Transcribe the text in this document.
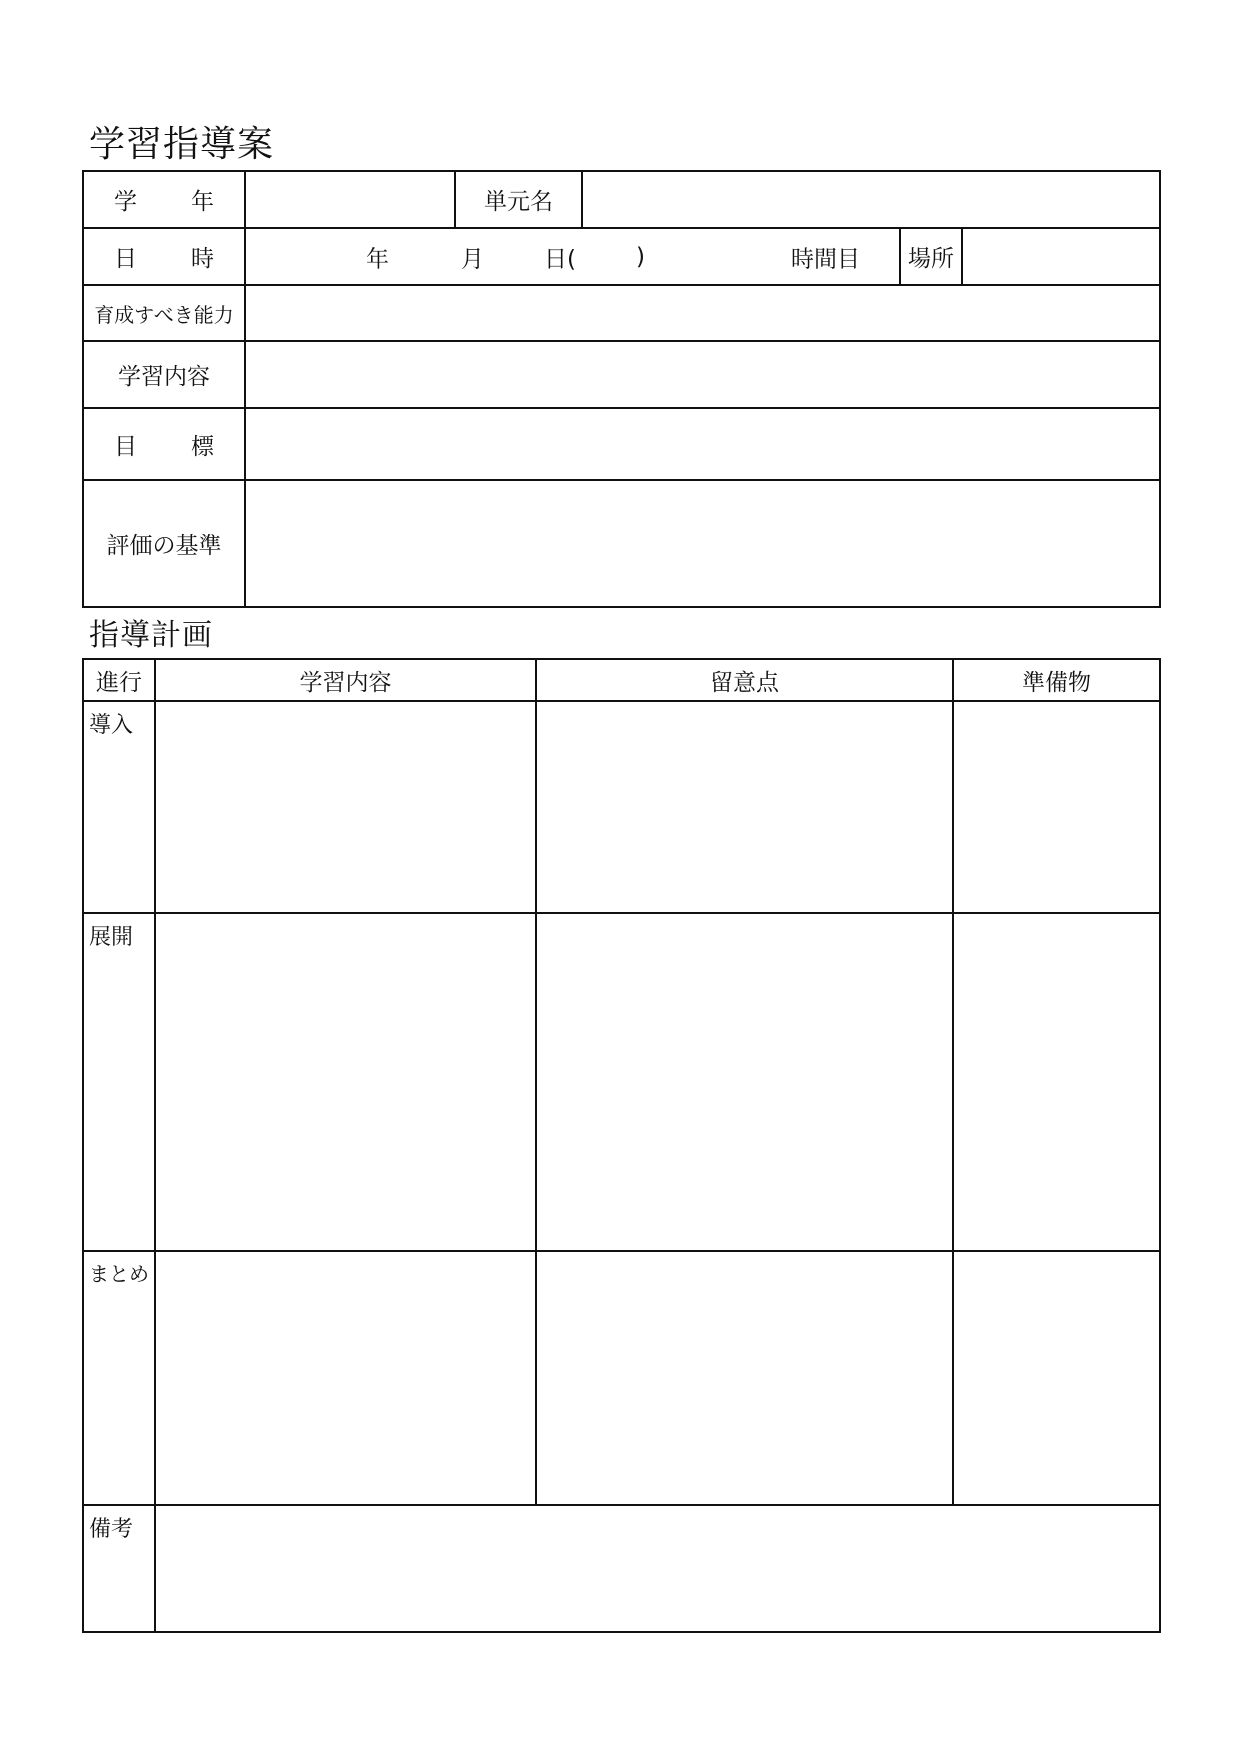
学習指導案
学 年		単元名			

日 時	年 月 日( ) 時間目			場所	
育成すべき能力					
学習内容					

目 標					

評価の基準					
指導計画
進行	学習内容	留意点	準備物
導入			
展開			
まとめ			
備考			
